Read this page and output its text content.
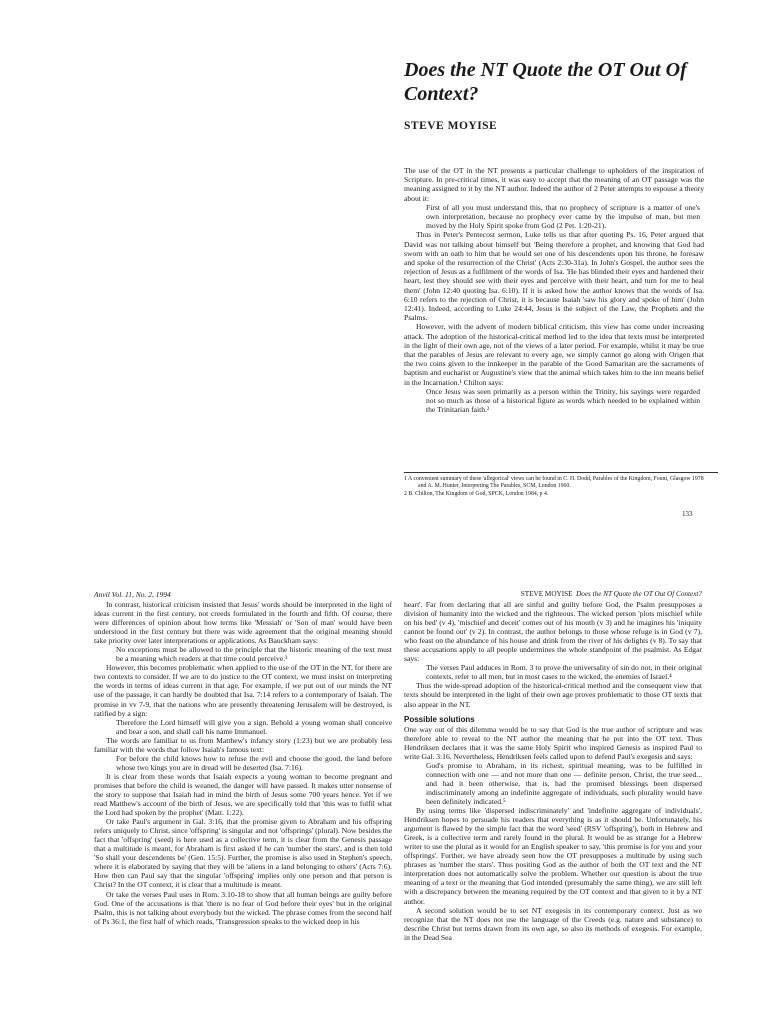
Does the NT Quote the OT Out Of Context?
STEVE MOYISE

The use of the OT in the NT presents a particular challenge to upholders of the inspiration of Scripture. In pre-critical times, it was easy to accept that the meaning of an OT passage was the meaning assigned to it by the NT author. Indeed the author of 2 Peter attempts to espouse a theory about it:

First of all you must understand this, that no prophecy of scripture is a matter of one's own interpretation, because no prophecy ever came by the impulse of man, but men moved by the Holy Spirit spoke from God (2 Pet. 1:20-21).

Thus in Peter's Pentecost sermon, Luke tells us that after quoting Ps. 16, Peter argued that David was not talking about himself but 'Being therefore a prophet, and knowing that God had sworn with an oath to him that he would set one of his descendents upon his throne, he foresaw and spoke of the resurrection of the Christ' (Acts 2:30-31a). In John's Gospel, the author sees the rejection of Jesus as a fulfilment of the words of Isa. 'He has blinded their eyes and hardened their heart, lest they should see with their eyes and perceive with their heart, and turn for me to heal them' (John 12:40 quoting Isa. 6:10). If it is asked how the author knows that the words of Isa. 6:10 refers to the rejection of Christ, it is because Isaiah 'saw his glory and spoke of him' (John 12:41). Indeed, according to Luke 24:44, Jesus is the subject of the Law, the Prophets and the Psalms.

However, with the advent of modern biblical criticism, this view has come under increasing attack. The adoption of the historical-critical method led to the idea that texts must be interpreted in the light of their own age, not of the views of a later period. For example, whilst it may be true that the parables of Jesus are relevant to every age, we simply cannot go along with Origen that the two coins given to the innkeeper in the parable of the Good Samaritan are the sacraments of baptism and eucharist or Augustine's view that the animal which takes him to the inn means belief in the Incarnation.¹ Chilton says:

Once Jesus was seen primarily as a person within the Trinity, his sayings were regarded not so much as those of a historical figure as words which needed to be explained within the Trinitarian faith.²

1 A convenient summary of these 'allegorical' views can be found in C. H. Dodd, Parables of the Kingdom, Fount, Glasgow 1978 and A. M. Hunter, Interpreting The Parables, SCM, London 1960.
2 B. Chilton, The Kingdom of God, SPCK, London 1984, p 4.
133
Anvil Vol. 11, No. 2, 1994

In contrast, historical criticism insisted that Jesus' words should be interpreted in the light of ideas current in the first century, not creeds formulated in the fourth and fifth. Of course, there were differences of opinion about how terms like 'Messiah' or 'Son of man' would have been understood in the first century but there was wide agreement that the original meaning should take priority over later interpretations or applications. As Bauckham says:

No exceptions must be allowed to the principle that the historic meaning of the text must be a meaning which readers at that time could perceive.³

However, this becomes problematic when applied to the use of the OT in the NT, for there are two contexts to consider. If we are to do justice to the OT context, we must insist on interpreting the words in terms of ideas current in that age. For example, if we put out of our minds the NT use of the passage, it can hardly be doubted that Isa. 7:14 refers to a contemporary of Isaiah. The promise in vv 7-9, that the nations who are presently threatening Jerusalem will be destroyed, is ratified by a sign:

Therefore the Lord himself will give you a sign. Behold a young woman shall conceive and bear a son, and shall call his name Immanuel.

The words are familiar to us from Matthew's infancy story (1:23) but we are probably less familiar with the words that follow Isaiah's famous text:

For before the child knows how to refuse the evil and choose the good, the land before whose two kings you are in dread will be deserted (Isa. 7:16).

It is clear from these words that Isaiah expects a young woman to become pregnant and promises that before the child is weaned, the danger will have passed. It makes utter nonsense of the story to suppose that Isaiah had in mind the birth of Jesus some 700 years hence. Yet if we read Matthew's account of the birth of Jesus, we are specifically told that 'this was to fulfil what the Lord had spoken by the prophet' (Matt. 1:22).

Or take Paul's argument in Gal. 3:16, that the promise given to Abraham and his offspring refers uniquely to Christ, since 'offspring' is singular and not 'offsprings' (plural). Now besides the fact that 'offspring' (seed) is here used as a collective term, it is clear from the Genesis passage that a multitude is meant, for Abraham is first asked if he can 'number the stars', and is then told 'So shall your descendents be' (Gen. 15:5). Further, the promise is also used in Stephen's speech, where it is elaborated by saying that they will be 'aliens in a land belonging to others' (Acts 7:6). How then can Paul say that the singular 'offspring' implies only one person and that person is Christ? In the OT context, it is clear that a multitude is meant.

Or take the verses Paul uses in Rom. 3:10-18 to show that all human beings are guilty before God. One of the accusations is that 'there is no fear of God before their eyes' but in the original Psalm, this is not talking about everybody but the wicked. The phrase comes from the second half of Ps 36:1, the first half of which reads, 'Transgression speaks to the wicked deep in his

STEVE MOYISE Does the NT Quote the OT Out Of Context?

heart'. Far from declaring that all are sinful and guilty before God, the Psalm presupposes a division of humanity into the wicked and the righteous. The wicked person 'plots mischief while on his bed' (v 4), 'mischief and deceit' comes out of his mouth (v 3) and he imagines his 'iniquity cannot be found out' (v 2). In contrast, the author belongs to those whose refuge is in God (v 7), who feast on the abundance of his house and drink from the river of his delights (v 8). To say that these accusations apply to all people undermines the whole standpoint of the psalmist. As Edgar says:

The verses Paul adduces in Rom. 3 to prove the universality of sin do not, in their original contexts, refer to all men, but in most cases to the wicked, the enemies of Israel.⁴

Thus the wide-spread adoption of the historical-critical method and the consequent view that texts should be interpreted in the light of their own age proves problematic to those OT texts that also appear in the NT.

Possible solutions

One way out of this dilemma would be to say that God is the true author of scripture and was therefore able to reveal to the NT author the meaning that he put into the OT text. Thus Hendriksen declares that it was the same Holy Spirit who inspired Genesis as inspired Paul to write Gal. 3:16. Nevertheless, Hendriksen feels called upon to defend Paul's exegesis and says:

God's promise to Abraham, in its richest, spiritual meaning, was to be fulfilled in connection with one — and not more than one — definite person, Christ, the true seed... and had it been otherwise, that is, had the promised blessings been dispersed indiscriminately among an indefinite aggregate of individuals, such plurality would have been definitely indicated.⁵

By using terms like 'dispersed indiscriminately' and 'indefinite aggregate of individuals', Hendriksen hopes to persuade his readers that everything is as it should be. Unfortunately, his argument is flawed by the simple fact that the word 'seed' (RSV 'offspring'), both in Hebrew and Greek, is a collective term and rarely found in the plural. It would be as strange for a Hebrew writer to use the plural as it would for an English speaker to say, 'this promise is for you and your offsprings'. Further, we have already seen how the OT presupposes a multitude by using such phrases as 'number the stars'. Thus positing God as the author of both the OT text and the NT interpretation does not automatically solve the problem. Whether our question is about the true meaning of a text or the meaning that God intended (presumably the same thing), we are still left with a discrepancy between the meaning required by the OT context and that given to it by a NT author.

A second solution would be to set NT exegesis in its contemporary context. Just as we recognize that the NT does not use the language of the Creeds (e.g. nature and substance) to describe Christ but terms drawn from its own age, so also its methods of exegesis. For example, in the Dead Sea
